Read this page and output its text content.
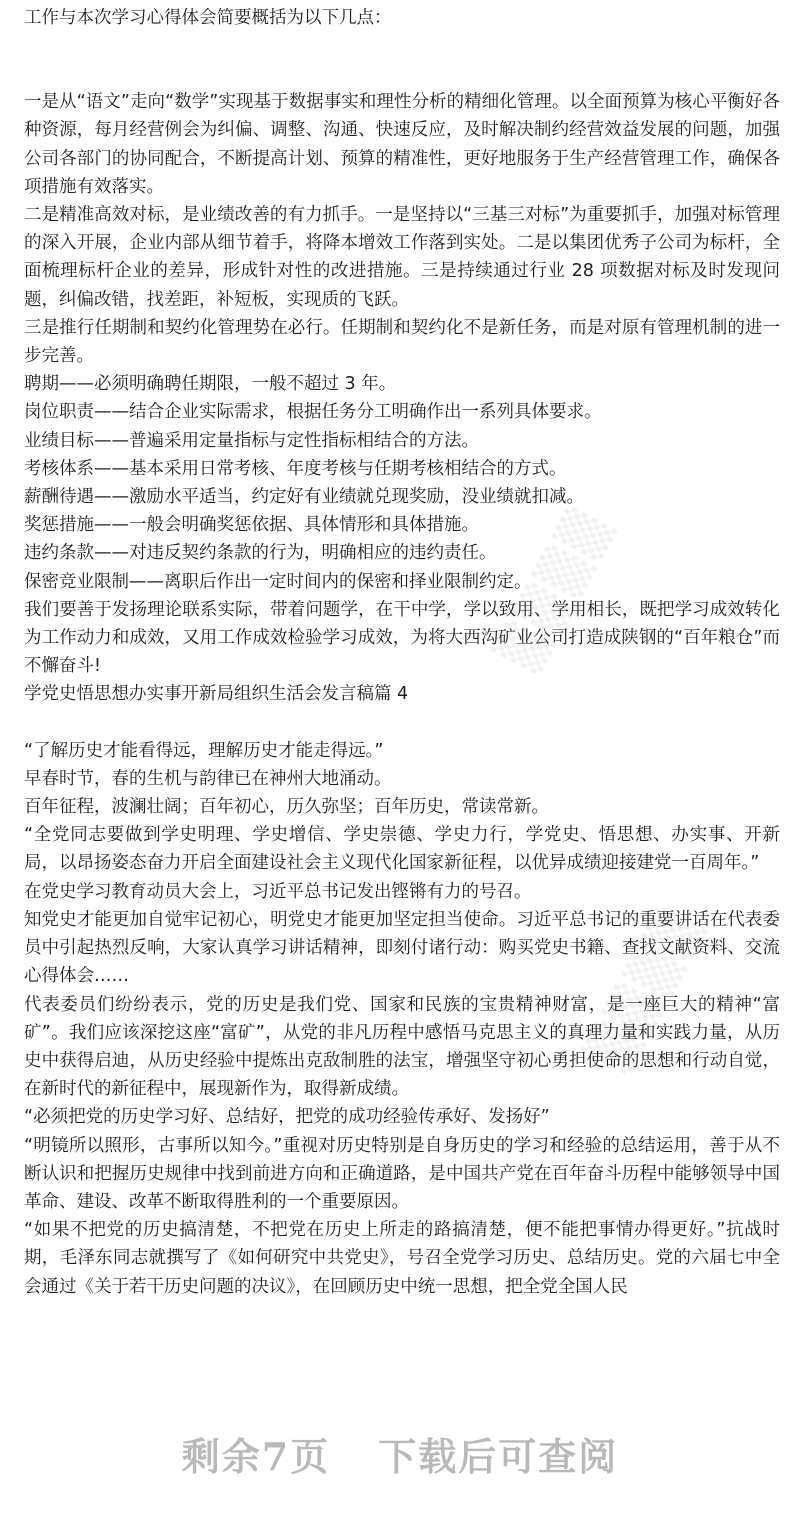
工作与本次学习心得体会简要概括为以下几点：

一是从“语文”走向“数学”实现基于数据事实和理性分析的精细化管理。以全面预算为核心平衡好各种资源，每月经营例会为纠偏、调整、沟通、快速反应，及时解决制约经营效益发展的问题，加强公司各部门的协同配合，不断提高计划、预算的精准性，更好地服务于生产经营管理工作，确保各项措施有效落实。

二是精准高效对标，是业绩改善的有力抓手。一是坚持以“三基三对标”为重要抓手，加强对标管理的深入开展，企业内部从细节着手，将降本增效工作落到实处。二是以集团优秀子公司为标杆，全面梳理标杆企业的差异，形成针对性的改进措施。三是持续通过行业 28 项数据对标及时发现问题，纠偏改错，找差距，补短板，实现质的飞跃。

三是推行任期制和契约化管理势在必行。任期制和契约化不是新任务，而是对原有管理机制的进一步完善。

聘期——必须明确聘任期限，一般不超过 3 年。

岗位职责——结合企业实际需求，根据任务分工明确作出一系列具体要求。

业绩目标——普遍采用定量指标与定性指标相结合的方法。

考核体系——基本采用日常考核、年度考核与任期考核相结合的方式。

薪酬待遇——激励水平适当，约定好有业绩就兑现奖励，没业绩就扣减。

奖惩措施——一般会明确奖惩依据、具体情形和具体措施。

违约条款——对违反契约条款的行为，明确相应的违约责任。

保密竞业限制——离职后作出一定时间内的保密和择业限制约定。

我们要善于发扬理论联系实际，带着问题学，在干中学，学以致用、学用相长，既把学习成效转化为工作动力和成效，又用工作成效检验学习成效，为将大西沟矿业公司打造成陕钢的“百年粮仓”而不懈奋斗!

学党史悟思想办实事开新局组织生活会发言稿篇 4

“了解历史才能看得远，理解历史才能走得远。”

早春时节，春的生机与韵律已在神州大地涌动。

百年征程，波澜壮阔；百年初心，历久弥坚；百年历史，常读常新。

“全党同志要做到学史明理、学史增信、学史崇德、学史力行，学党史、悟思想、办实事、开新局，以昂扬姿态奋力开启全面建设社会主义现代化国家新征程，以优异成绩迎接建党一百周年。”

在党史学习教育动员大会上，习近平总书记发出铿锵有力的号召。

知党史才能更加自觉牢记初心，明党史才能更加坚定担当使命。习近平总书记的重要讲话在代表委员中引起热烈反响，大家认真学习讲话精神，即刻付诸行动：购买党史书籍、查找文献资料、交流心得体会……

代表委员们纷纷表示，党的历史是我们党、国家和民族的宝贵精神财富，是一座巨大的精神“富矿”。我们应该深挖这座“富矿”，从党的非凡历程中感悟马克思主义的真理力量和实践力量，从历史中获得启迪，从历史经验中提炼出克敌制胜的法宝，增强坚守初心勇担使命的思想和行动自觉，在新时代的新征程中，展现新作为，取得新成绩。

“必须把党的历史学习好、总结好，把党的成功经验传承好、发扬好”

“明镜所以照形，古事所以知今。”重视对历史特别是自身历史的学习和经验的总结运用，善于从不断认识和把握历史规律中找到前进方向和正确道路，是中国共产党在百年奋斗历程中能够领导中国革命、建设、改革不断取得胜利的一个重要原因。

“如果不把党的历史搞清楚，不把党在历史上所走的路搞清楚，便不能把事情办得更好。”抗战时期，毛泽东同志就撰写了《如何研究中共党史》，号召全党学习历史、总结历史。党的六届七中全会通过《关于若干历史问题的决议》，在回顾历史中统一思想，把全党全国人民

▒▒▒▒
▒▒▒▒
剩余7页 下载后可查阅
